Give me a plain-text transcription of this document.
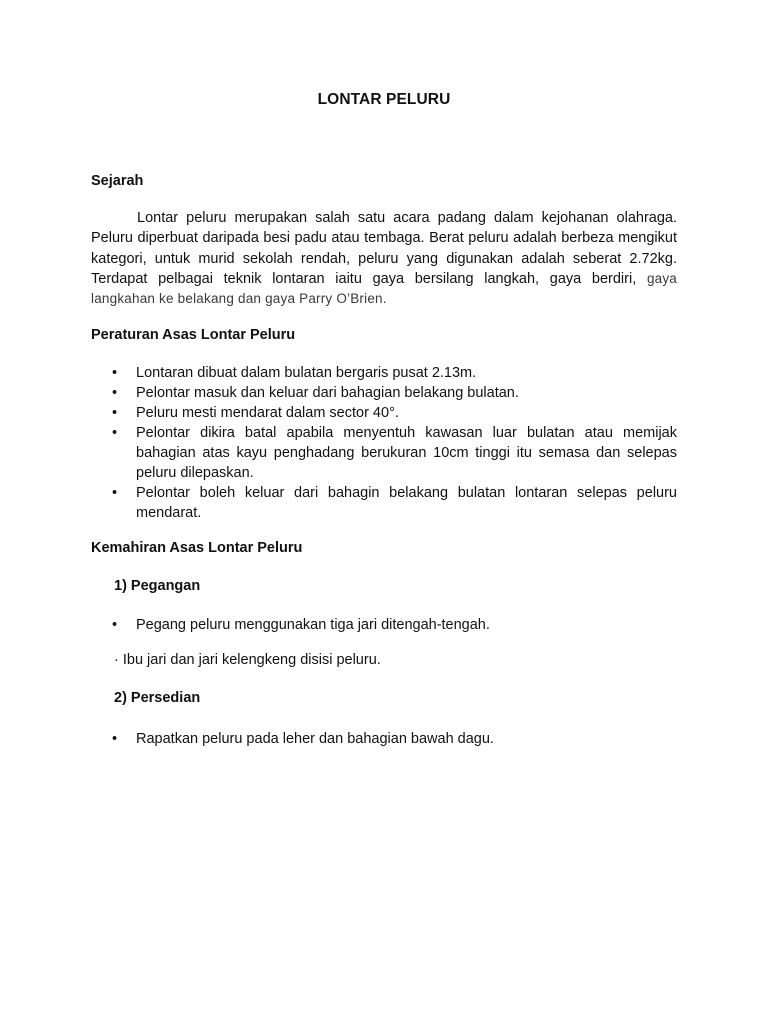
LONTAR PELURU
Sejarah
Lontar peluru merupakan salah satu acara padang dalam kejohanan olahraga. Peluru diperbuat daripada besi padu atau tembaga. Berat peluru adalah berbeza mengikut kategori, untuk murid sekolah rendah, peluru yang digunakan adalah seberat 2.72kg. Terdapat pelbagai teknik lontaran iaitu gaya bersilang langkah, gaya berdiri, gaya langkahan ke belakang dan gaya Parry O’Brien.
Peraturan Asas Lontar Peluru
• Lontaran dibuat dalam bulatan bergaris pusat 2.13m.
• Pelontar masuk dan keluar dari bahagian belakang bulatan.
• Peluru mesti mendarat dalam sector 40°.
• Pelontar dikira batal apabila menyentuh kawasan luar bulatan atau memijak bahagian atas kayu penghadang berukuran 10cm tinggi itu semasa dan selepas peluru dilepaskan.
• Pelontar boleh keluar dari bahagin belakang bulatan lontaran selepas peluru mendarat.
Kemahiran Asas Lontar Peluru
1) Pegangan
• Pegang peluru menggunakan tiga jari ditengah-tengah.
· Ibu jari dan jari kelengkeng disisi peluru.
2) Persedian
• Rapatkan peluru pada leher dan bahagian bawah dagu.
